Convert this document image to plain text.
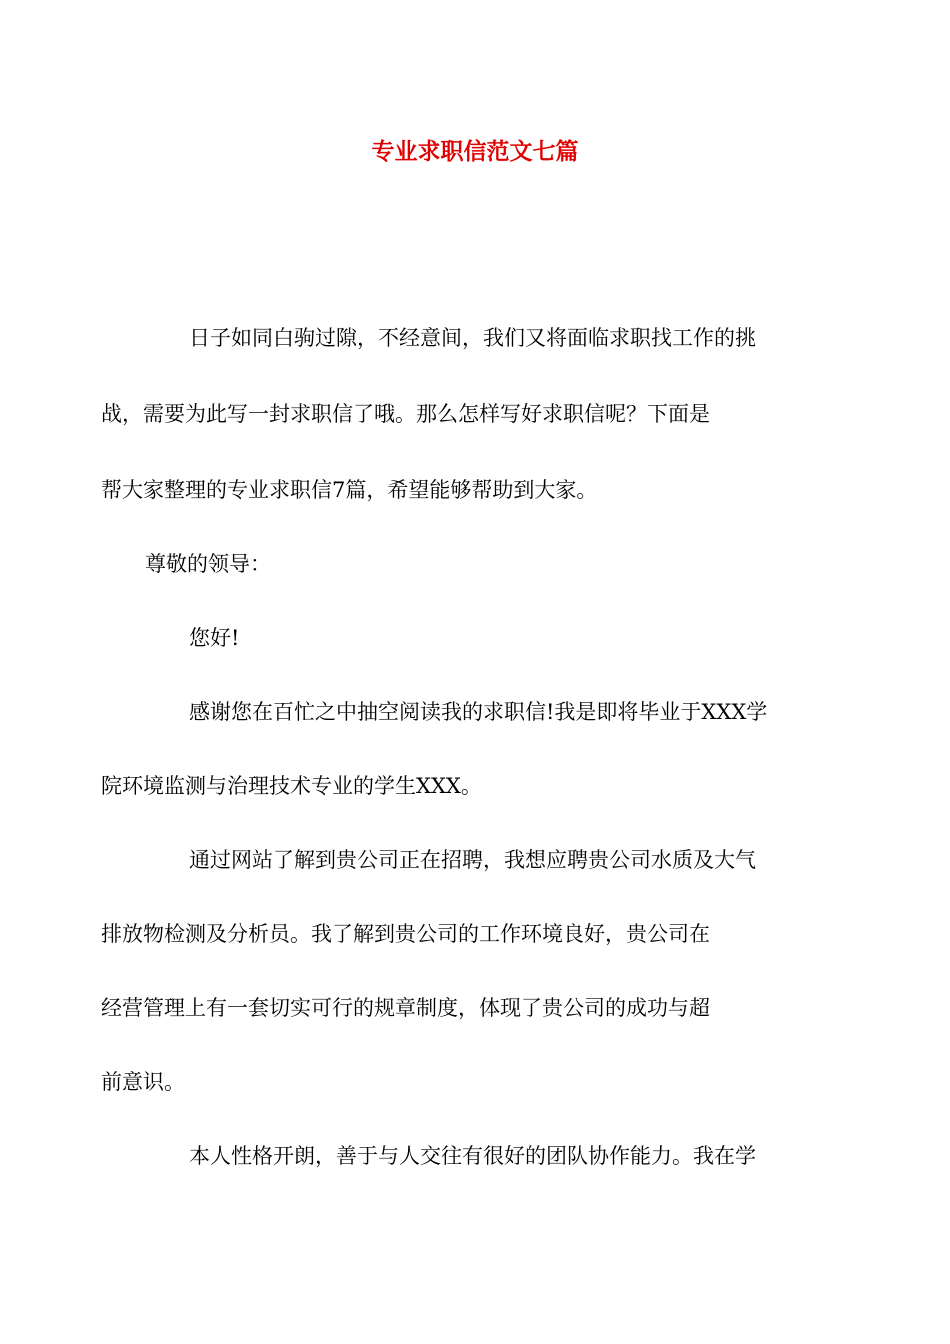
专业求职信范文七篇
日子如同白驹过隙，不经意间，我们又将面临求职找工作的挑
战，需要为此写一封求职信了哦。那么怎样写好求职信呢？下面是
帮大家整理的专业求职信7篇，希望能够帮助到大家。
尊敬的领导：
您好!
感谢您在百忙之中抽空阅读我的求职信!我是即将毕业于XXX学
院环境监测与治理技术专业的学生XXX。
通过网站了解到贵公司正在招聘，我想应聘贵公司水质及大气
排放物检测及分析员。我了解到贵公司的工作环境良好，贵公司在
经营管理上有一套切实可行的规章制度，体现了贵公司的成功与超
前意识。
本人性格开朗，善于与人交往有很好的团队协作能力。我在学
